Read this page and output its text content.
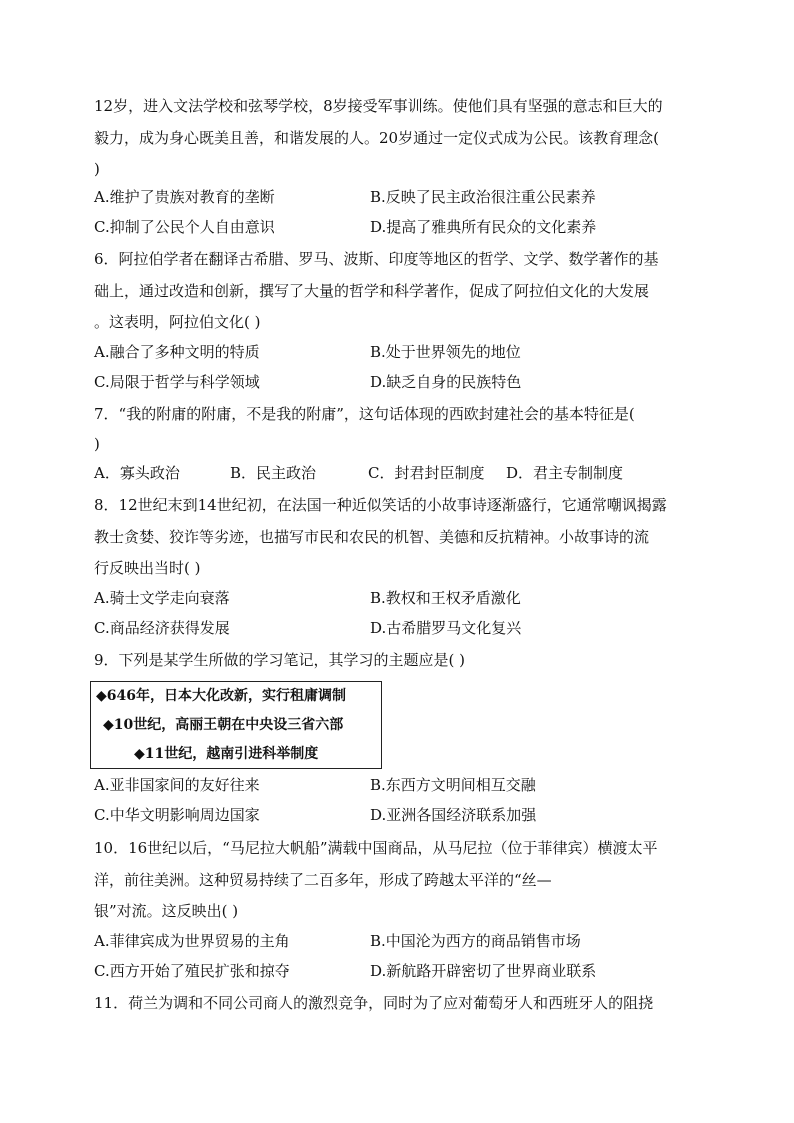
12岁，进入文法学校和弦琴学校，8岁接受军事训练。使他们具有坚强的意志和巨大的
毅力，成为身心既美且善，和谐发展的人。20岁通过一定仪式成为公民。该教育理念(
)
A.维护了贵族对教育的垄断	B.反映了民主政治很注重公民素养
C.抑制了公民个人自由意识	D.提高了雅典所有民众的文化素养
6．阿拉伯学者在翻译古希腊、罗马、波斯、印度等地区的哲学、文学、数学著作的基
础上，通过改造和创新，撰写了大量的哲学和科学著作，促成了阿拉伯文化的大发展
。这表明，阿拉伯文化( )
A.融合了多种文明的特质	B.处于世界领先的地位
C.局限于哲学与科学领域	D.缺乏自身的民族特色
7．“我的附庸的附庸，不是我的附庸”，这句话体现的西欧封建社会的基本特征是(
)
A．寡头政治	B．民主政治	C．封君封臣制度 D．君主专制制度
8．12世纪末到14世纪初，在法国一种近似笑话的小故事诗逐渐盛行，它通常嘲讽揭露
教士贪婪、狡诈等劣迹，也描写市民和农民的机智、美德和反抗精神。小故事诗的流
行反映出当时( )
A.骑士文学走向衰落	B.教权和王权矛盾激化
C.商品经济获得发展	D.古希腊罗马文化复兴
9．下列是某学生所做的学习笔记，其学习的主题应是( )
◆646年，日本大化改新，实行租庸调制
◆10世纪，高丽王朝在中央设三省六部
◆11世纪，越南引进科举制度
A.亚非国家间的友好往来	B.东西方文明间相互交融
C.中华文明影响周边国家	D.亚洲各国经济联系加强
10．16世纪以后，“马尼拉大帆船”满载中国商品，从马尼拉（位于菲律宾）横渡太平
洋，前往美洲。这种贸易持续了二百多年，形成了跨越太平洋的“丝—
银”对流。这反映出( )
A.菲律宾成为世界贸易的主角	B.中国沦为西方的商品销售市场
C.西方开始了殖民扩张和掠夺	D.新航路开辟密切了世界商业联系
11．荷兰为调和不同公司商人的激烈竞争，同时为了应对葡萄牙人和西班牙人的阻挠
